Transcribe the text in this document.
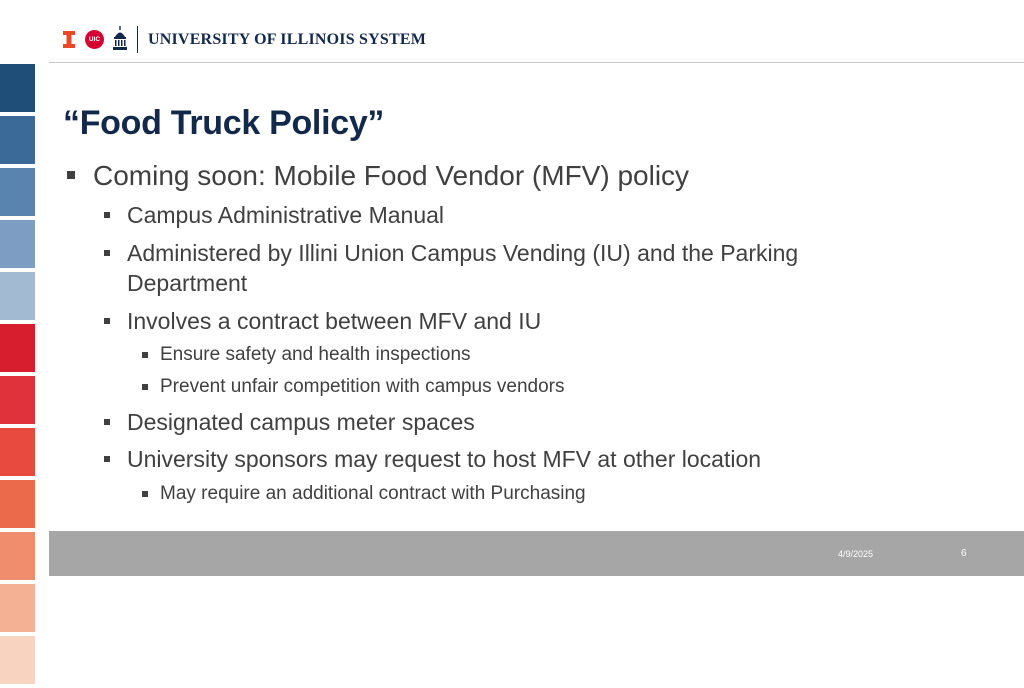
UIC	UNIVERSITY OF ILLINOIS SYSTEM
“Food Truck Policy”
Coming soon: Mobile Food Vendor (MFV) policy
Campus Administrative Manual
Administered by Illini Union Campus Vending (IU) and the Parking
Department
Involves a contract between MFV and IU
Ensure safety and health inspections
Prevent unfair competition with campus vendors
Designated campus meter spaces
University sponsors may request to host MFV at other location
May require an additional contract with Purchasing
4/9/2025	6
